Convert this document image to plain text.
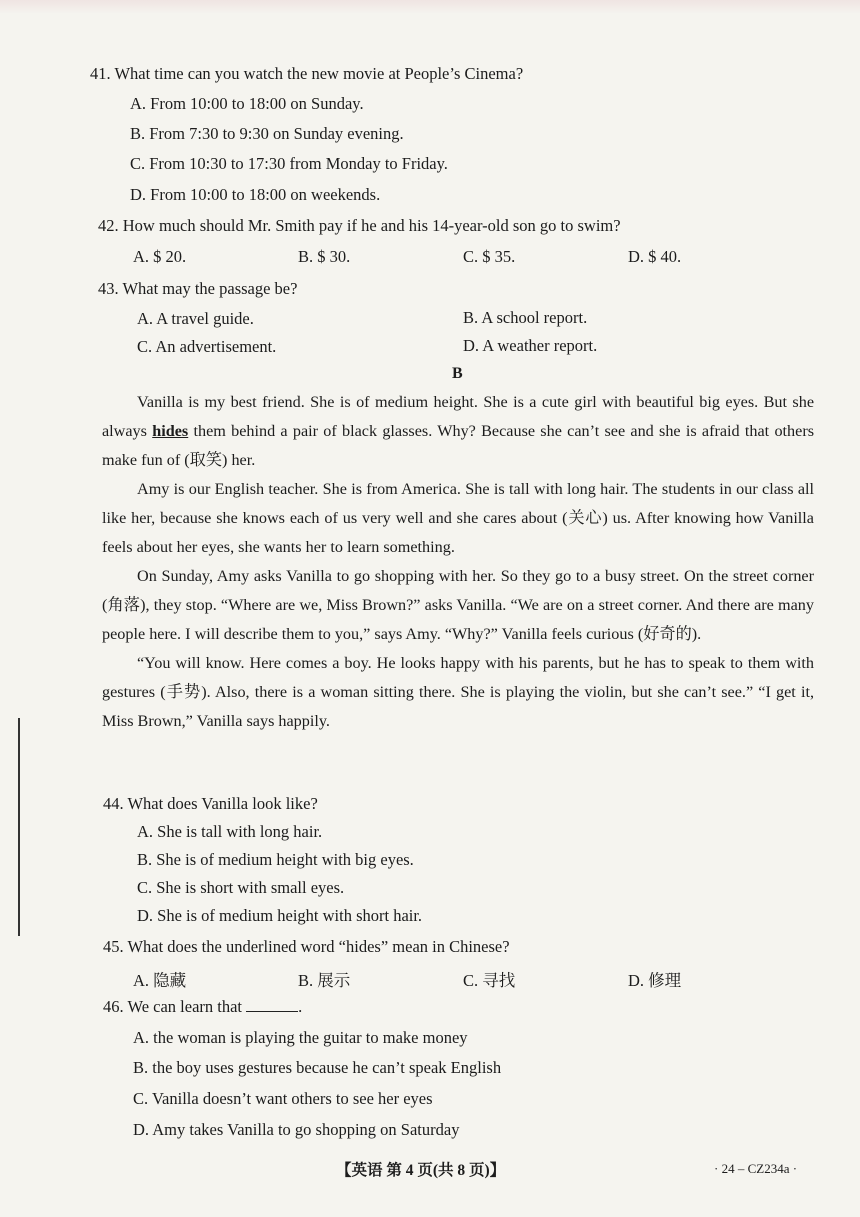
41. What time can you watch the new movie at People’s Cinema?
A. From 10:00 to 18:00 on Sunday.
B. From 7:30 to 9:30 on Sunday evening.
C. From 10:30 to 17:30 from Monday to Friday.
D. From 10:00 to 18:00 on weekends.
42. How much should Mr. Smith pay if he and his 14-year-old son go to swim?
A. $ 20.	B. $ 30.	C. $ 35.	D. $ 40.
43. What may the passage be?
A. A travel guide.	B. A school report.
C. An advertisement.	D. A weather report.
B

Vanilla is my best friend. She is of medium height. She is a cute girl with beautiful big eyes. But she always hides them behind a pair of black glasses. Why? Because she can’t see and she is afraid that others make fun of (取笑) her.

Amy is our English teacher. She is from America. She is tall with long hair. The students in our class all like her, because she knows each of us very well and she cares about (关心) us. After knowing how Vanilla feels about her eyes, she wants her to learn something.

On Sunday, Amy asks Vanilla to go shopping with her. So they go to a busy street. On the street corner (角落), they stop. “Where are we, Miss Brown?” asks Vanilla. “We are on a street corner. And there are many people here. I will describe them to you,” says Amy. “Why?” Vanilla feels curious (好奇的).

“You will know. Here comes a boy. He looks happy with his parents, but he has to speak to them with gestures (手势). Also, there is a woman sitting there. She is playing the violin, but she can’t see.” “I get it, Miss Brown,” Vanilla says happily.

44. What does Vanilla look like?
A. She is tall with long hair.
B. She is of medium height with big eyes.
C. She is short with small eyes.
D. She is of medium height with short hair.
45. What does the underlined word “hides” mean in Chinese?
A. 隐藏	B. 展示	C. 寻找	D. 修理
46. We can learn that	.
A. the woman is playing the guitar to make money
B. the boy uses gestures because he can’t speak English
C. Vanilla doesn’t want others to see her eyes
D. Amy takes Vanilla to go shopping on Saturday
【英语 第 4 页(共 8 页)】	· 24 – CZ234a ·
